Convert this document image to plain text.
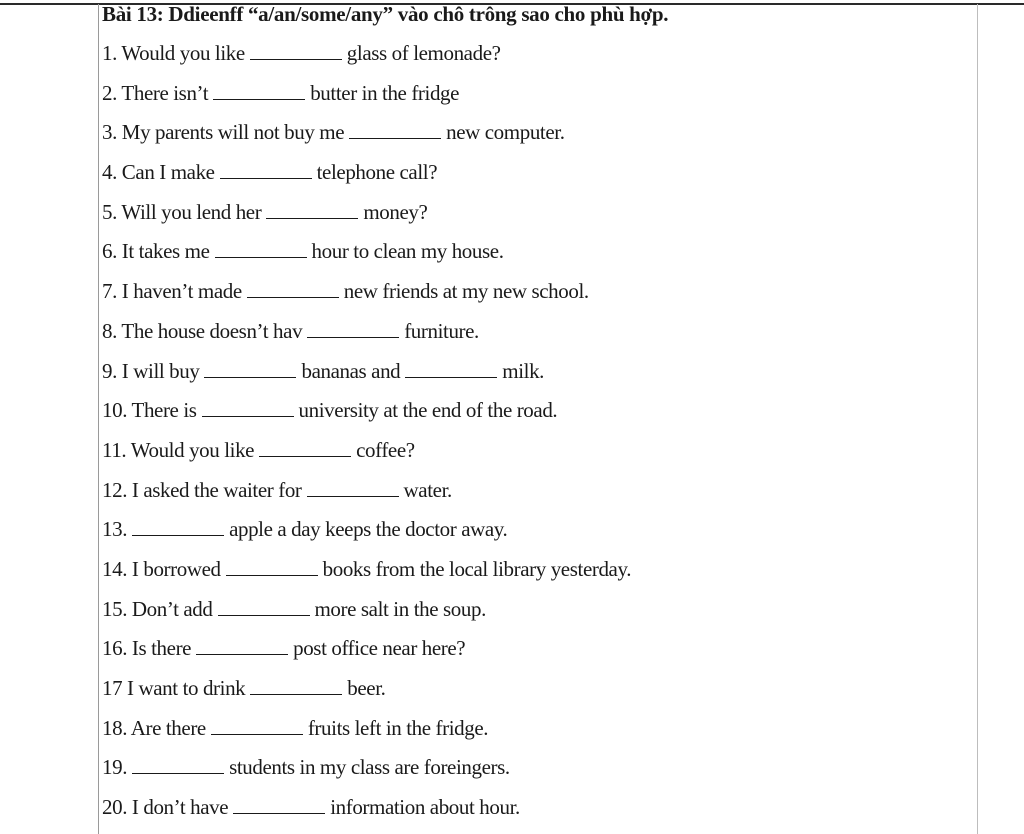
Bài 13: Ddieenff “a/an/some/any” vào chô trông sao cho phù hợp.
1. Would you like	glass of lemonade?
2. There isn’t	butter in the fridge
3. My parents will not buy me	new computer.
4. Can I make	telephone call?
5. Will you lend her	money?
6. It takes me	hour to clean my house.
7. I haven’t made	new friends at my new school.
8. The house doesn’t hav	furniture.
9. I will buy	bananas and	milk.
10. There is	university at the end of the road.
11. Would you like	coffee?
12. I asked the waiter for	water.
13.	apple a day keeps the doctor away.
14. I borrowed	books from the local library yesterday.
15. Don’t add	more salt in the soup.
16. Is there	post office near here?
17 I want to drink	beer.
18. Are there	fruits left in the fridge.
19.	students in my class are foreingers.
20. I don’t have	information about hour.
